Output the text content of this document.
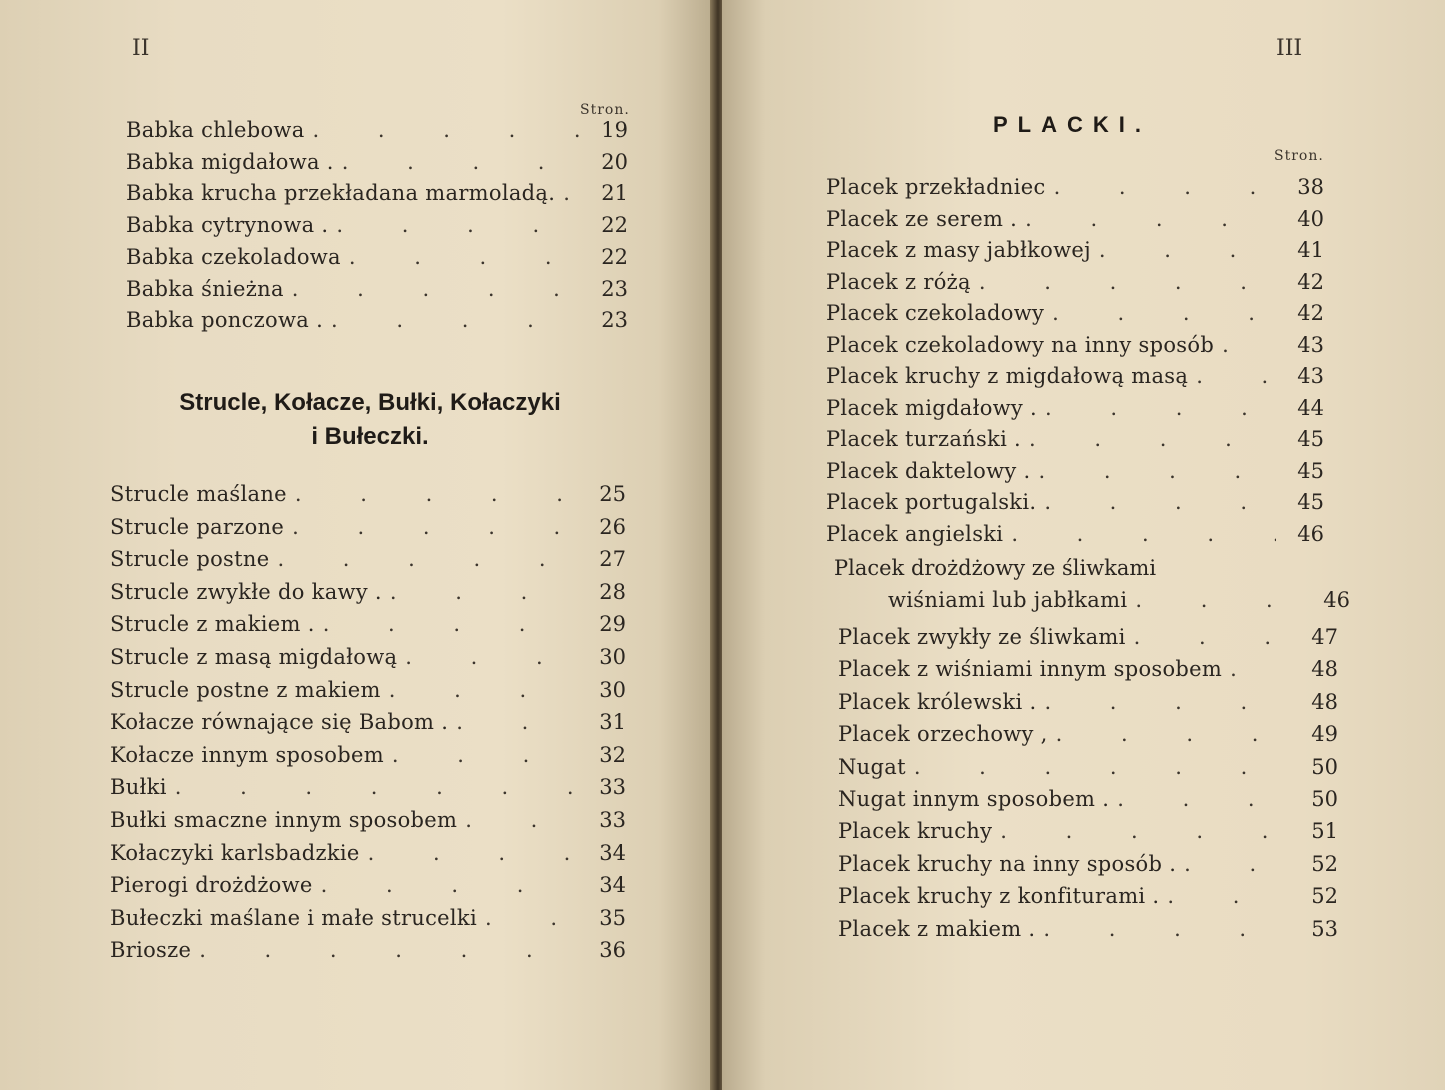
II
Stron.
Babka chlebowa . . .	19
Babka migdałowa . . . .	20
Babka krucha przekładana marmoladą. . . .	21
Babka cytrynowa . . . .	22
Babka czekoladowa . . .	22
Babka śnieżna . . .	23
Babka ponczowa . . . .	23
Strucle, Kołacze, Bułki, Kołaczyki
i Bułeczki.
Strucle maślane . . .	25
Strucle parzone . . .	26
Strucle postne . . .	27
Strucle zwykłe do kawy . . . .	28
Strucle z makiem . . . .	29
Strucle z masą migdałową . . .	30
Strucle postne z makiem . . .	30
Kołacze równające się Babom . . . .	31
Kołacze innym sposobem . . .	32
Bułki . . .	33
Bułki smaczne innym sposobem . . .	33
Kołaczyki karlsbadzkie . . .	34
Pierogi drożdżowe . . .	34
Bułeczki maślane i małe strucelki . . .	35
Briosze . . .	36
III
PLACKI.
Stron.
Placek przekładniec . . .	38
Placek ze serem . . . .	40
Placek z masy jabłkowej . . .	41
Placek z różą . . .	42
Placek czekoladowy . . .	42
Placek czekoladowy na inny sposób . . .	43
Placek kruchy z migdałową masą . . .	43
Placek migdałowy . . . .	44
Placek turzański . . . .	45
Placek daktelowy . . . .	45
Placek portugalski. . . .	45
Placek angielski . . .	46
Placek drożdżowy ze śliwkami
wiśniami lub jabłkami . . .	46
Placek zwykły ze śliwkami . . .	47
Placek z wiśniami innym sposobem . . .	48
Placek królewski . . . .	48
Placek orzechowy , . . .	49
Nugat . . .	50
Nugat innym sposobem . . . .	50
Placek kruchy . . .	51
Placek kruchy na inny sposób . . . .	52
Placek kruchy z konfiturami . . . .	52
Placek z makiem . . . .	53
